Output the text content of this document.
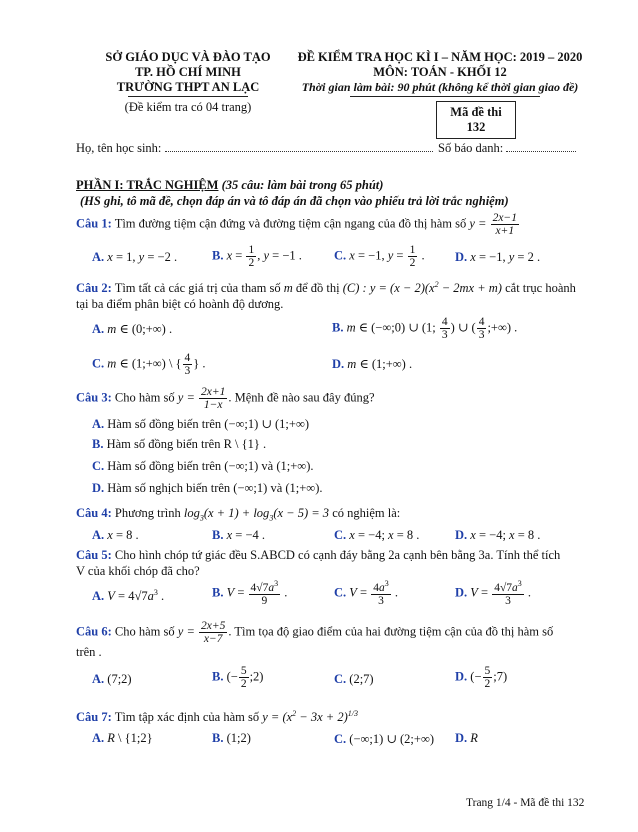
SỞ GIÁO DỤC VÀ ĐÀO TẠO
TP. HỒ CHÍ MINH
TRƯỜNG THPT AN LẠC
(Đề kiểm tra có 04 trang)
ĐỀ KIỂM TRA HỌC KÌ I – NĂM HỌC: 2019 – 2020
MÔN: TOÁN - KHỐI 12
Thời gian làm bài: 90 phút (không kể thời gian giao đề)
Mã đề thi
132
Họ, tên học sinh:	Số báo danh:
PHẦN I: TRẮC NGHIỆM (35 câu: làm bài trong 65 phút)
(HS ghi, tô mã đề, chọn đáp án và tô đáp án đã chọn vào phiếu trả lời trắc nghiệm)
Câu 1: Tìm đường tiệm cận đứng và đường tiệm cận ngang của đồ thị hàm số $y = \frac{2x-1}{x+1}$
A. x = 1, y = −2 .	B. $x = \frac{1}{2}$ , y = −1 .	C. x = −1, $y = \frac{1}{2}$ . D. x = −1, y = 2 .
Câu 2: Tìm tất cả các giá trị của tham số m để đồ thị (C) : $y = (x - 2)(x^2 - 2mx + m)$ cắt trục hoành
tại ba điểm phân biệt có hoành độ dương.
A. m ∈ (0;+∞) .	B. m ∈ (−∞;0) ∪ (1; $\frac{4}{3}$ ) ∪ ( $\frac{4}{3}$ ;+∞) .
C. m ∈ (1;+∞) \ { $\frac{4}{3}$ } .	D. m ∈ (1;+∞) .
Câu 3: Cho hàm số $y = \frac{2x+1}{1-x}$ . Mệnh đề nào sau đây đúng?
A. Hàm số đồng biến trên (−∞;1) ∪ (1;+∞)
B. Hàm số đồng biến trên R \ {1} .
C. Hàm số đồng biến trên (−∞;1) và (1;+∞).
D. Hàm số nghịch biến trên (−∞;1) và (1;+∞).
Câu 4: Phương trình $\log_3(x + 1) + \log_3(x - 5) = 3$ có nghiệm là:
A. x = 8 .	B. x = −4 .	C. x = −4; x = 8 .	D. x = −4; x = 8 .
Câu 5: Cho hình chóp tứ giác đều S.ABCD có cạnh đáy bằng 2a cạnh bên bằng 3a. Tính thể tích
V của khối chóp đã cho?
A. $V = 4√7a^3$ .	B. $V = \frac{4√7a^3}{9}$ .	C. $V = \frac{4a^3}{3}$ .	D. $V = \frac{4√7a^3}{3}$ .
Câu 6: Cho hàm số $y = \frac{2x+5}{x-7}$ . Tìm tọa độ giao điểm của hai đường tiệm cận của đồ thị hàm số
trên .
A. (7;2)	B. (− $\frac{5}{2}$ ;2)	C. (2;7)	D. (− $\frac{5}{2}$ ;7)
Câu 7: Tìm tập xác định của hàm số $y = (x^2 - 3x + 2)^{1/3}$
A. R \ {1;2}	B. (1;2)	C. (−∞;1) ∪ (2;+∞) D. R
Trang 1/4 - Mã đề thi 132
